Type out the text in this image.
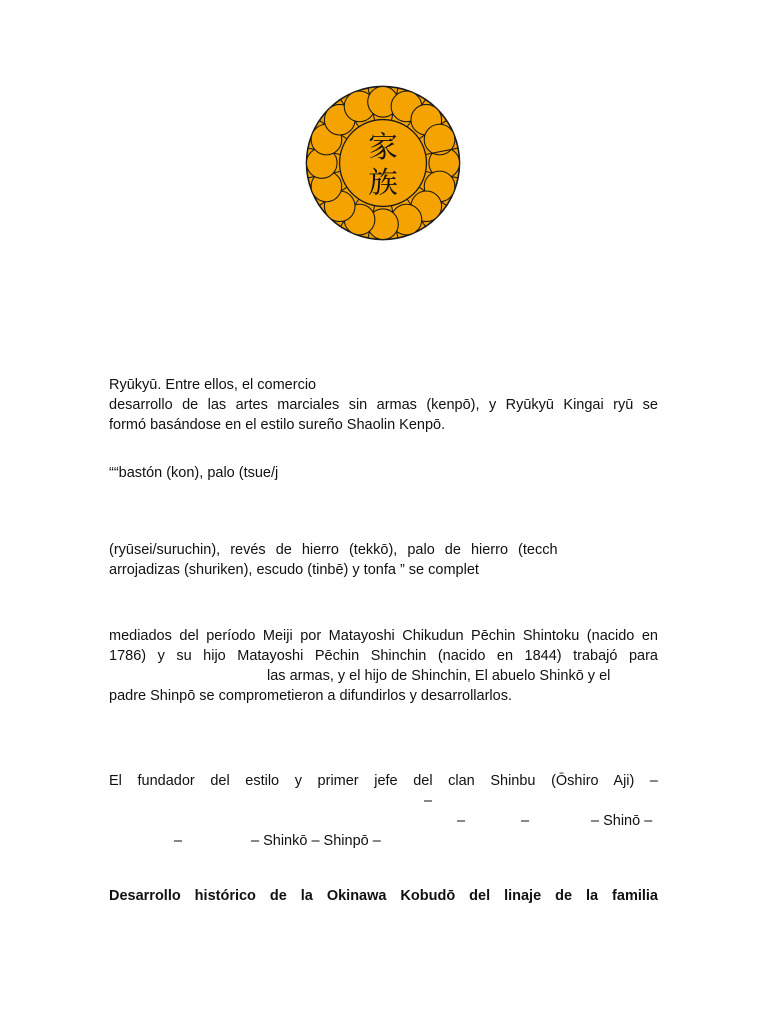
家
族
Ryūkyū. Entre ellos, el comercio
desarrollo de las artes marciales sin armas (kenpō), y Ryūkyū Kingai ryū se
formó basándose en el estilo sureño Shaolin Kenpō.
““bastón (kon), palo (tsue/j
(ryūsei/suruchin), revés de hierro (tekkō), palo de hierro (tecch
arrojadizas (shuriken), escudo (tinbē) y tonfa ” se complet
mediados del período Meiji por Matayoshi Chikudun Pēchin Shintoku (nacido en
1786) y su hijo Matayoshi Pēchin Shinchin (nacido en 1844) trabajó para
las armas, y el hijo de Shinchin, El abuelo Shinkō y el
padre Shinpō se comprometieron a difundirlos y desarrollarlos.
El fundador del estilo y primer jefe del clan Shinbu (Ōshiro Aji) –
–
–	–	– Shinō –
–	– Shinkō – Shinpō –
Desarrollo histórico de la Okinawa Kobudō del linaje de la familia
